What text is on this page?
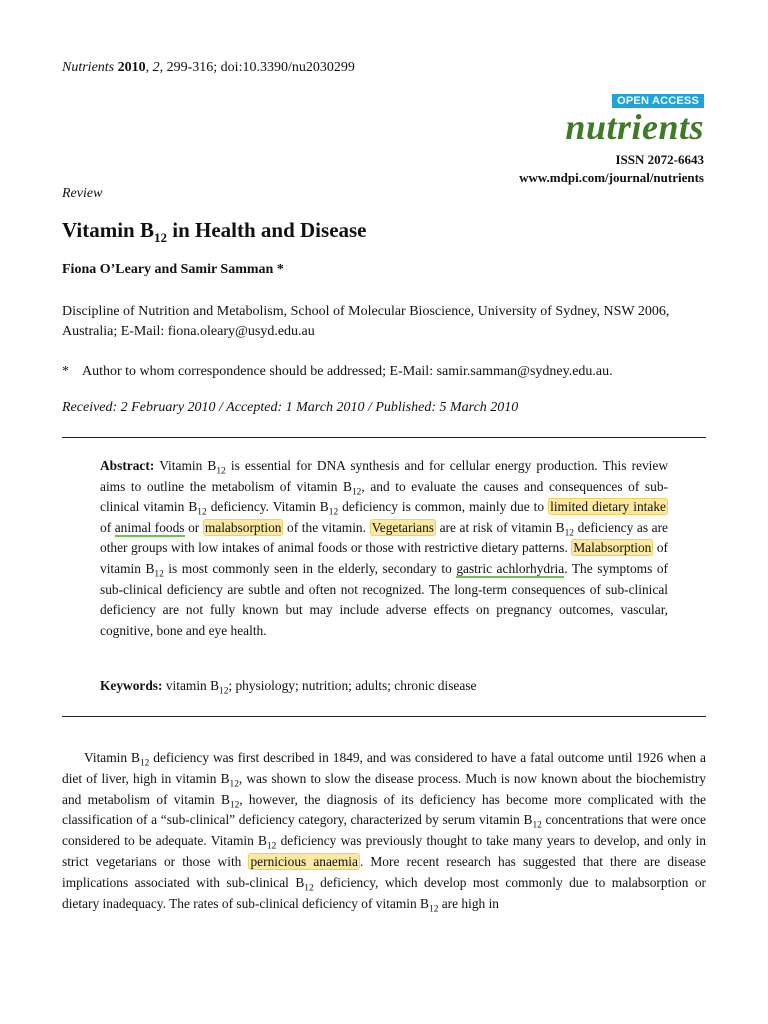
Nutrients 2010, 2, 299-316; doi:10.3390/nu2030299
OPEN ACCESS
nutrients
ISSN 2072-6643
www.mdpi.com/journal/nutrients
Review
Vitamin $B_{12}$ in Health and Disease
Fiona O’Leary and Samir Samman *
Discipline of Nutrition and Metabolism, School of Molecular Bioscience, University of Sydney, NSW 2006, Australia; E-Mail: fiona.oleary@usyd.edu.au
* Author to whom correspondence should be addressed; E-Mail: samir.samman@sydney.edu.au.
Received: 2 February 2010 / Accepted: 1 March 2010 / Published: 5 March 2010
Abstract: Vitamin $B_{12}$ is essential for DNA synthesis and for cellular energy production. This review aims to outline the metabolism of vitamin $B_{12}$, and to evaluate the causes and consequences of sub-clinical vitamin $B_{12}$ deficiency. Vitamin $B_{12}$ deficiency is common, mainly due to limited dietary intake of animal foods or malabsorption of the vitamin. Vegetarians are at risk of vitamin $B_{12}$ deficiency as are other groups with low intakes of animal foods or those with restrictive dietary patterns. Malabsorption of vitamin $B_{12}$ is most commonly seen in the elderly, secondary to gastric achlorhydria. The symptoms of sub-clinical deficiency are subtle and often not recognized. The long-term consequences of sub-clinical deficiency are not fully known but may include adverse effects on pregnancy outcomes, vascular, cognitive, bone and eye health.
Keywords: vitamin $B_{12}$; physiology; nutrition; adults; chronic disease
Vitamin $B_{12}$ deficiency was first described in 1849, and was considered to have a fatal outcome until 1926 when a diet of liver, high in vitamin $B_{12}$, was shown to slow the disease process. Much is now known about the biochemistry and metabolism of vitamin $B_{12}$, however, the diagnosis of its deficiency has become more complicated with the classification of a “sub-clinical” deficiency category, characterized by serum vitamin $B_{12}$ concentrations that were once considered to be adequate. Vitamin $B_{12}$ deficiency was previously thought to take many years to develop, and only in strict vegetarians or those with pernicious anaemia . More recent research has suggested that there are disease implications associated with sub-clinical $B_{12}$ deficiency, which develop most commonly due to malabsorption or dietary inadequacy. The rates of sub-clinical deficiency of vitamin $B_{12}$ are high in
